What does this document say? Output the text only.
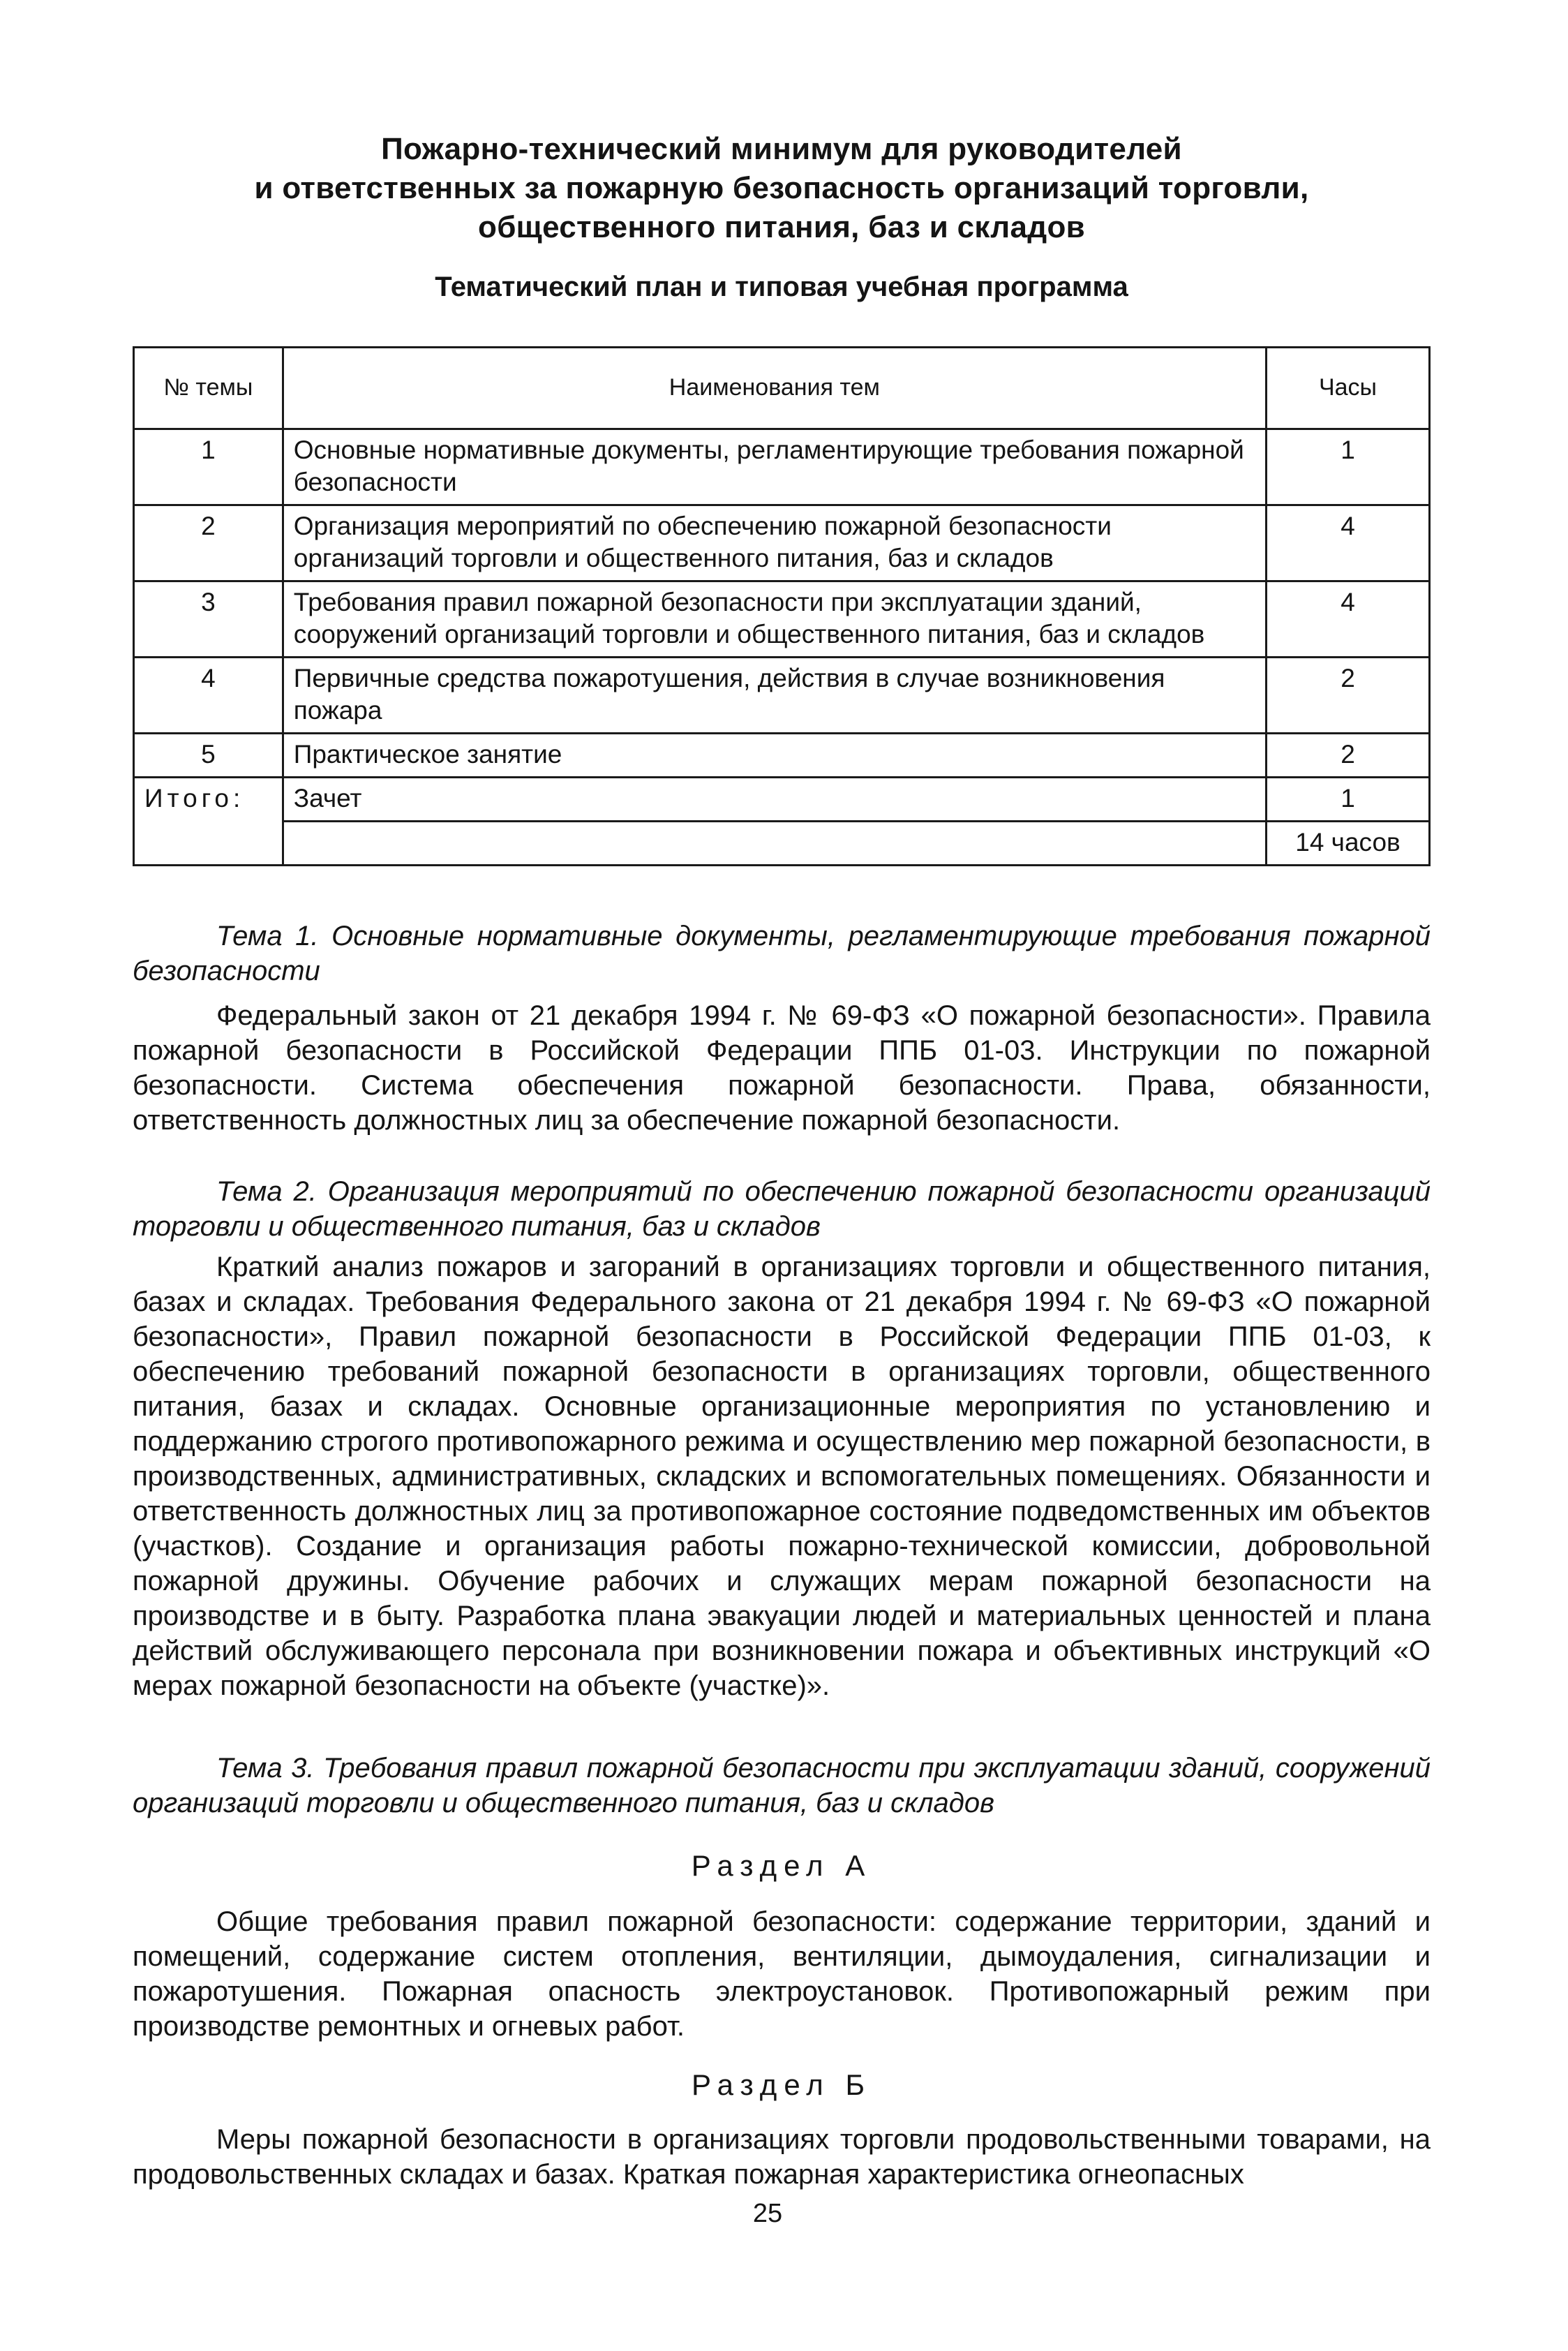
Пожарно-технический минимум для руководителей
и ответственных за пожарную безопасность организаций торговли,
общественного питания, баз и складов
Тематический план и типовая учебная программа
№ темы	Наименования тем	Часы
1	Основные нормативные документы, регламентирующие требования пожарной безопасности	1
2	Организация мероприятий по обеспечению пожарной безопасности организаций торговли и общественного питания, баз и складов	4
3	Требования правил пожарной безопасности при эксплуатации зданий, сооружений организаций торговли и общественного питания, баз и складов	4
4	Первичные средства пожаротушения, действия в случае возникновения пожара	2
5	Практическое занятие	2
Итого:	Зачет	1
		14 часов
Тема 1. Основные нормативные документы, регламентирующие требования пожарной безопасности
Федеральный закон от 21 декабря 1994 г. № 69-ФЗ «О пожарной безопасности». Правила пожарной безопасности в Российской Федерации ППБ 01-03. Инструкции по пожарной безопасности. Система обеспечения пожарной безопасности. Права, обязанности, ответственность должностных лиц за обеспечение пожарной безопасности.
Тема 2. Организация мероприятий по обеспечению пожарной безопасности организаций торговли и общественного питания, баз и складов
Краткий анализ пожаров и загораний в организациях торговли и общественного питания, базах и складах. Требования Федерального закона от 21 декабря 1994 г. № 69-ФЗ «О пожарной безопасности», Правил пожарной безопасности в Российской Федерации ППБ 01-03, к обеспечению требований пожарной безопасности в организациях торговли, общественного питания, базах и складах. Основные организационные мероприятия по установлению и поддержанию строгого противопожарного режима и осуществлению мер пожарной безопасности, в производственных, административных, складских и вспомогательных помещениях. Обязанности и ответственность должностных лиц за противопожарное состояние подведомственных им объектов (участков). Создание и организация работы пожарно-технической комиссии, добровольной пожарной дружины. Обучение рабочих и служащих мерам пожарной безопасности на производстве и в быту. Разработка плана эвакуации людей и материальных ценностей и плана действий обслуживающего персонала при возникновении пожара и объективных инструкций «О мерах пожарной безопасности на объекте (участке)».
Тема 3. Требования правил пожарной безопасности при эксплуатации зданий, сооружений организаций торговли и общественного питания, баз и складов
Раздел А
Общие требования правил пожарной безопасности: содержание территории, зданий и помещений, содержание систем отопления, вентиляции, дымоудаления, сигнализации и пожаротушения. Пожарная опасность электроустановок. Противопожарный режим при производстве ремонтных и огневых работ.
Раздел Б
Меры пожарной безопасности в организациях торговли продовольственными товарами, на продовольственных складах и базах. Краткая пожарная характеристика огнеопасных
25
